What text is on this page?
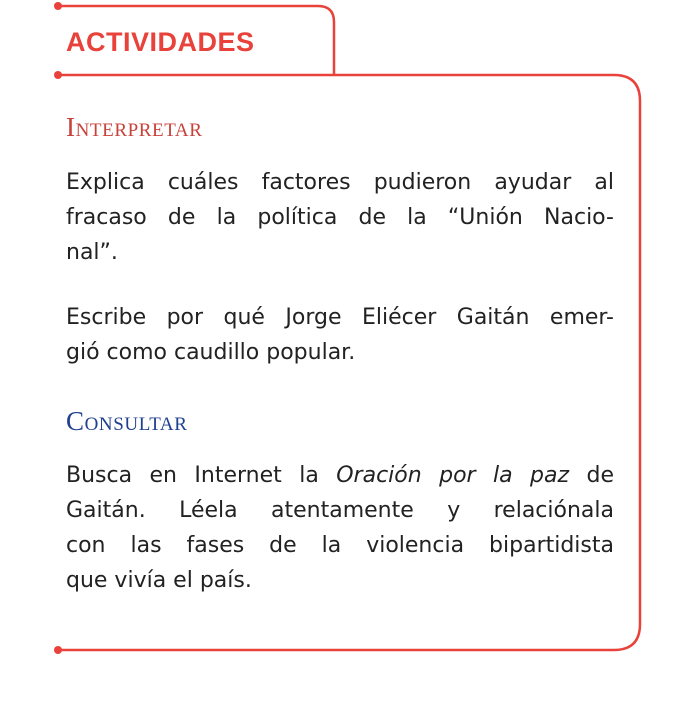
ACTIVIDADES
Interpretar
Explica cuáles factores pudieron ayudar al
fracaso de la política de la “Unión Nacio-
nal”.
Escribe por qué Jorge Eliécer Gaitán emer-
gió como caudillo popular.
Consultar
Busca en Internet la Oración por la paz de
Gaitán. Léela atentamente y relaciónala
con las fases de la violencia bipartidista
que vivía el país.
